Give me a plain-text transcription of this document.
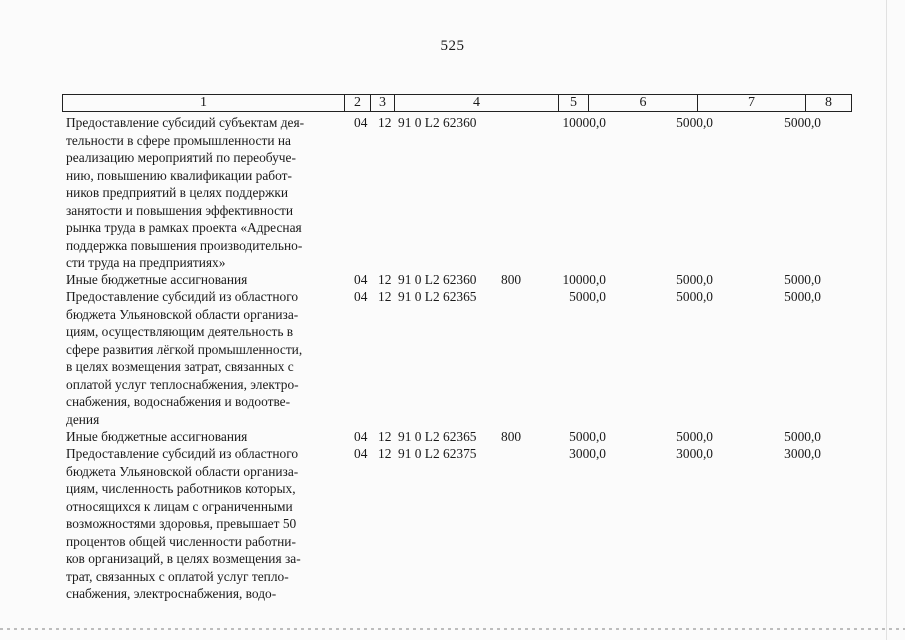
525
1	2	3	4	5	6	7	8
Предоставление субсидий субъектам дея-
тельности в сфере промышленности на
реализацию мероприятий по переобуче-
нию, повышению квалификации работ-
ников предприятий в целях поддержки
занятости и повышения эффективности
рынка труда в рамках проекта «Адресная
поддержка повышения производительно-
сти труда на предприятиях»
04 12 91 0 L2 62360	10000,0	5000,0	5000,0
Иные бюджетные ассигнования	04 12 91 0 L2 62360 800	10000,0	5000,0	5000,0
Предоставление субсидий из областного
бюджета Ульяновской области организа-
циям, осуществляющим деятельность в
сфере развития лёгкой промышленности,
в целях возмещения затрат, связанных с
оплатой услуг теплоснабжения, электро-
снабжения, водоснабжения и водоотве-
дения
04 12 91 0 L2 62365	5000,0	5000,0	5000,0
Иные бюджетные ассигнования	04 12 91 0 L2 62365 800	5000,0	5000,0	5000,0
Предоставление субсидий из областного
бюджета Ульяновской области организа-
циям, численность работников которых,
относящихся к лицам с ограниченными
возможностями здоровья, превышает 50
процентов общей численности работни-
ков организаций, в целях возмещения за-
трат, связанных с оплатой услуг тепло-
снабжения, электроснабжения, водо-
04 12 91 0 L2 62375	3000,0	3000,0	3000,0
